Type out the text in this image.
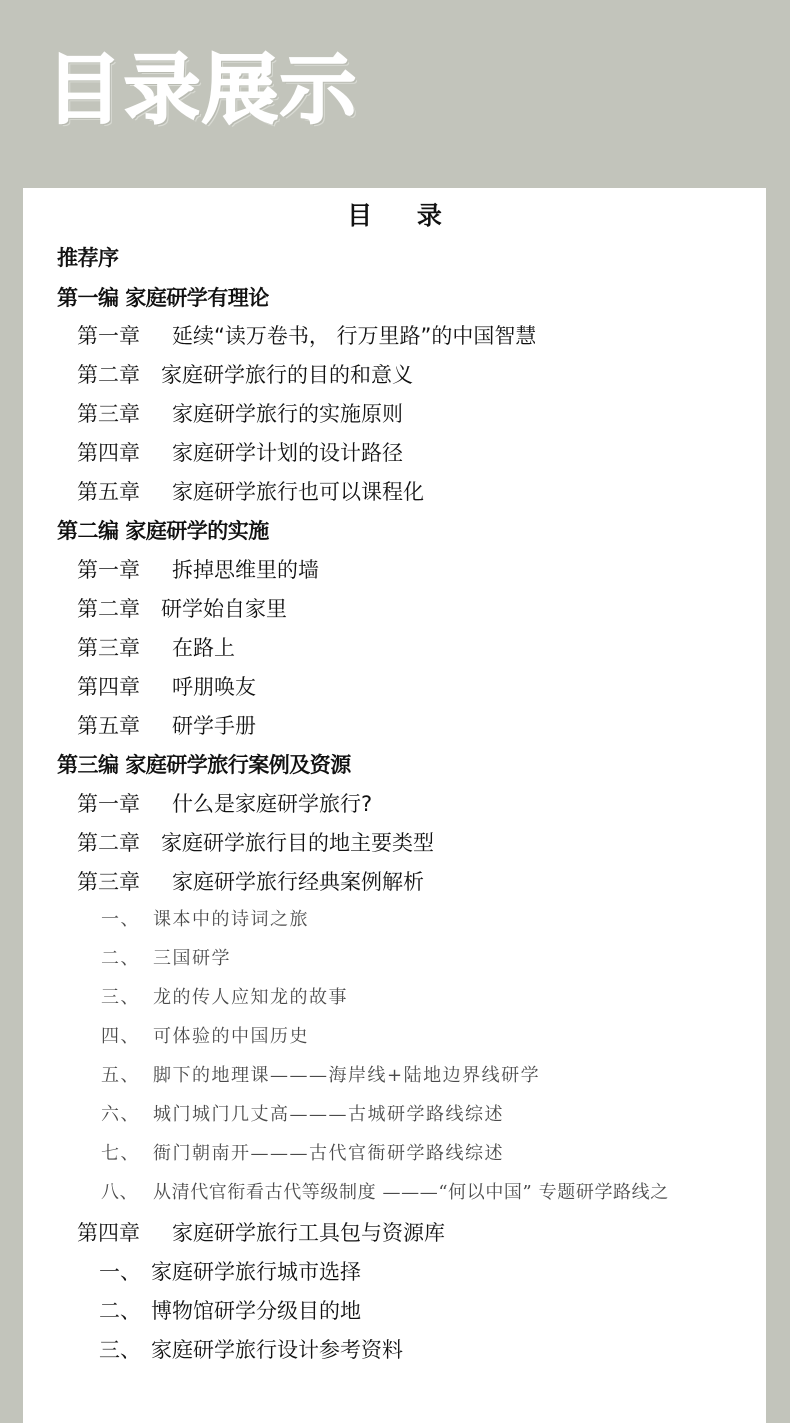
目录展示
目 录
推荐序
第一编 家庭研学有理论
第一章 延续“读万卷书， 行万里路”的中国智慧
第二章 家庭研学旅行的目的和意义
第三章 家庭研学旅行的实施原则
第四章 家庭研学计划的设计路径
第五章 家庭研学旅行也可以课程化
第二编 家庭研学的实施
第一章 拆掉思维里的墙
第二章 研学始自家里
第三章 在路上
第四章 呼朋唤友
第五章 研学手册
第三编 家庭研学旅行案例及资源
第一章 什么是家庭研学旅行?
第二章 家庭研学旅行目的地主要类型
第三章 家庭研学旅行经典案例解析
一、 课本中的诗词之旅
二、 三国研学
三、 龙的传人应知龙的故事
四、 可体验的中国历史
五、 脚下的地理课———海岸线+陆地边界线研学
六、 城门城门几丈高———古城研学路线综述
七、 衙门朝南开———古代官衙研学路线综述
八、 从清代官衔看古代等级制度 ———“何以中国” 专题研学路线之
第四章 家庭研学旅行工具包与资源库
一、 家庭研学旅行城市选择
二、 博物馆研学分级目的地
三、 家庭研学旅行设计参考资料
